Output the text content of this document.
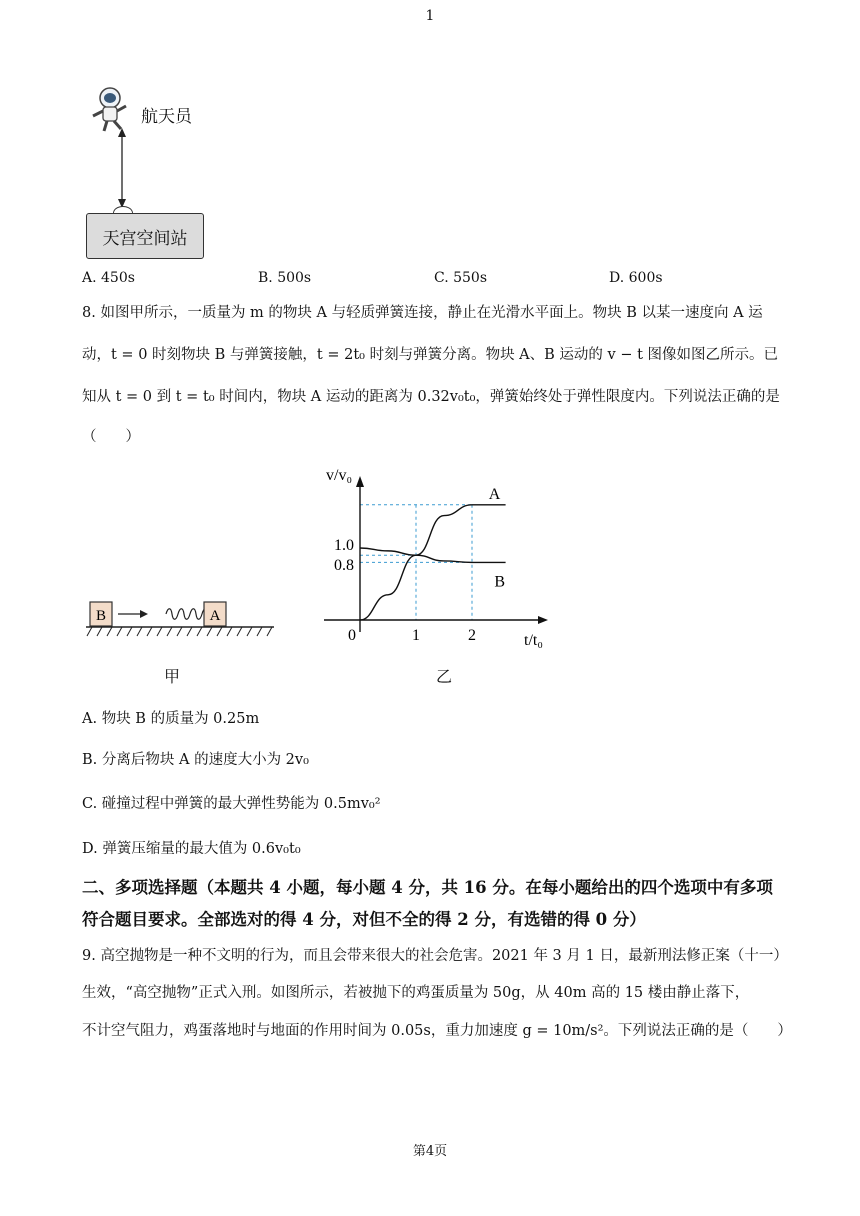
1
航天员
天宫空间站
A. 450s	B. 500s	C. 550s	D. 600s
8. 如图甲所示，一质量为 m 的物块 A 与轻质弹簧连接，静止在光滑水平面上。物块 B 以某一速度向 A 运
动，t = 0 时刻物块 B 与弹簧接触，t = 2t₀ 时刻与弹簧分离。物块 A、B 运动的 v − t 图像如图乙所示。已
知从 t = 0 到 t = t₀ 时间内，物块 A 运动的距离为 0.32v₀t₀，弹簧始终处于弹性限度内。下列说法正确的是
（　　）
B	A
甲
v/v₀
t/t₀
1.0
0.8
0	1	2
A
B
乙
A. 物块 B 的质量为 0.25m
B. 分离后物块 A 的速度大小为 2v₀
C. 碰撞过程中弹簧的最大弹性势能为 0.5mv₀²
D. 弹簧压缩量的最大值为 0.6v₀t₀
二、多项选择题（本题共 4 小题，每小题 4 分，共 16 分。在每小题给出的四个选项中有多项
符合题目要求。全部选对的得 4 分，对但不全的得 2 分，有选错的得 0 分）
9. 高空抛物是一种不文明的行为，而且会带来很大的社会危害。2021 年 3 月 1 日，最新刑法修正案（十一）
生效，“高空抛物”正式入刑。如图所示，若被抛下的鸡蛋质量为 50g，从 40m 高的 15 楼由静止落下，
不计空气阻力，鸡蛋落地时与地面的作用时间为 0.05s，重力加速度 g = 10m/s²。下列说法正确的是（　　）
第4页
